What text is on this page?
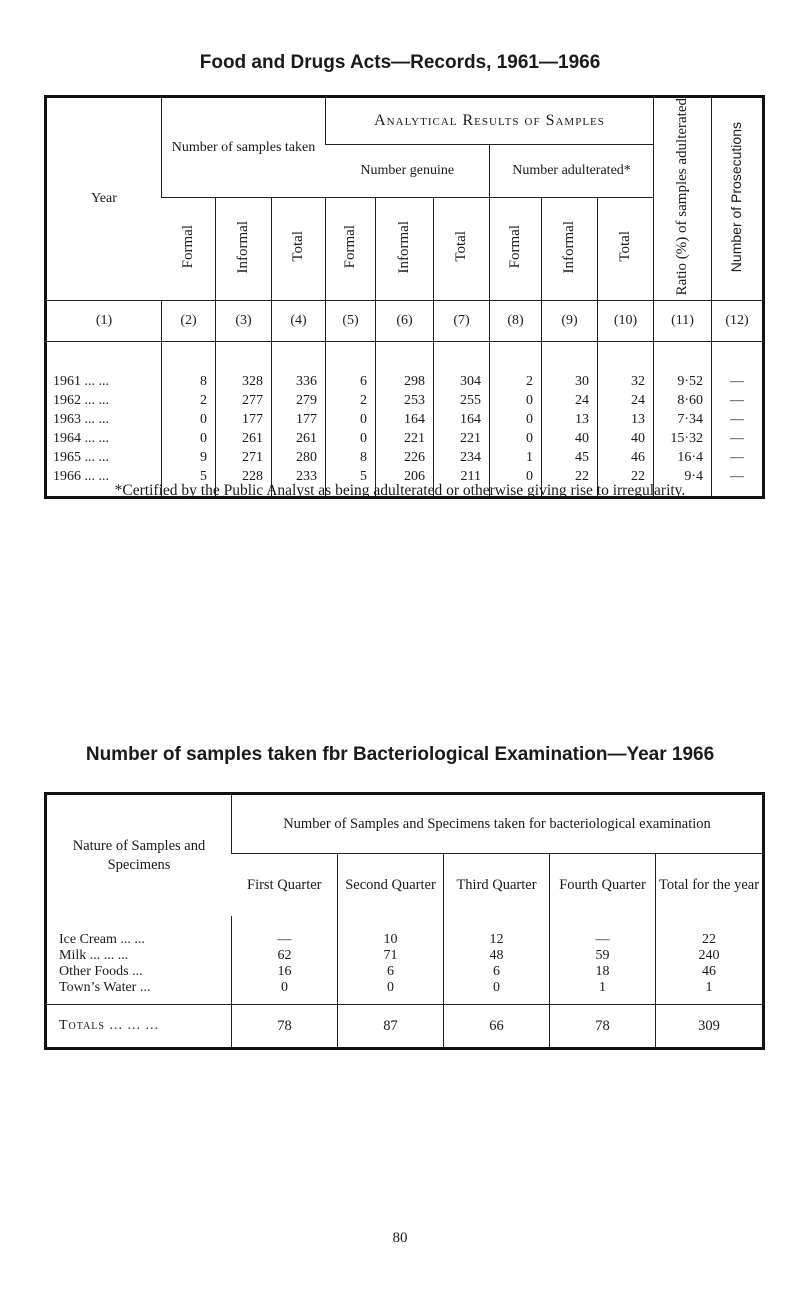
Food and Drugs Acts—Records, 1961—1966
Year	Number of samples taken			Analytical Results of Samples						Ratio (%) of samples adulterated	Number of Prosecutions
				Number genuine			Number adulterated*				
	Formal	Informal	Total	Formal	Informal	Total	Formal	Informal	Total		
(1)	(2)	(3)	(4)	(5)	(6)	(7)	(8)	(9)	(10)	(11)	(12)
1961 ... ...	8	328	336	6	298	304	2	30	32	9·52	—
1962 ... ...	2	277	279	2	253	255	0	24	24	8·60	—
1963 ... ...	0	177	177	0	164	164	0	13	13	7·34	—
1964 ... ...	0	261	261	0	221	221	0	40	40	15·32	—
1965 ... ...	9	271	280	8	226	234	1	45	46	16·4	—
1966 ... ...	5	228	233	5	206	211	0	22	22	9·4	—

*Certified by the Public Analyst as being adulterated or otherwise giving rise to irregularity.

Number of samples taken fbr Bacteriological Examination—Year 1966
Nature of Samples and Specimens	Number of Samples and Specimens taken for bacteriological examination				
	First Quarter	Second Quarter	Third Quarter	Fourth Quarter	Total for the year
Ice Cream ... ...	—	10	12	—	22
Milk ... ... ...	62	71	48	59	240
Other Foods ...	16	6	6	18	46
Town’s Water ...	0	0	0	1	1
Totals ... ... ...	78	87	66	78	309

80
